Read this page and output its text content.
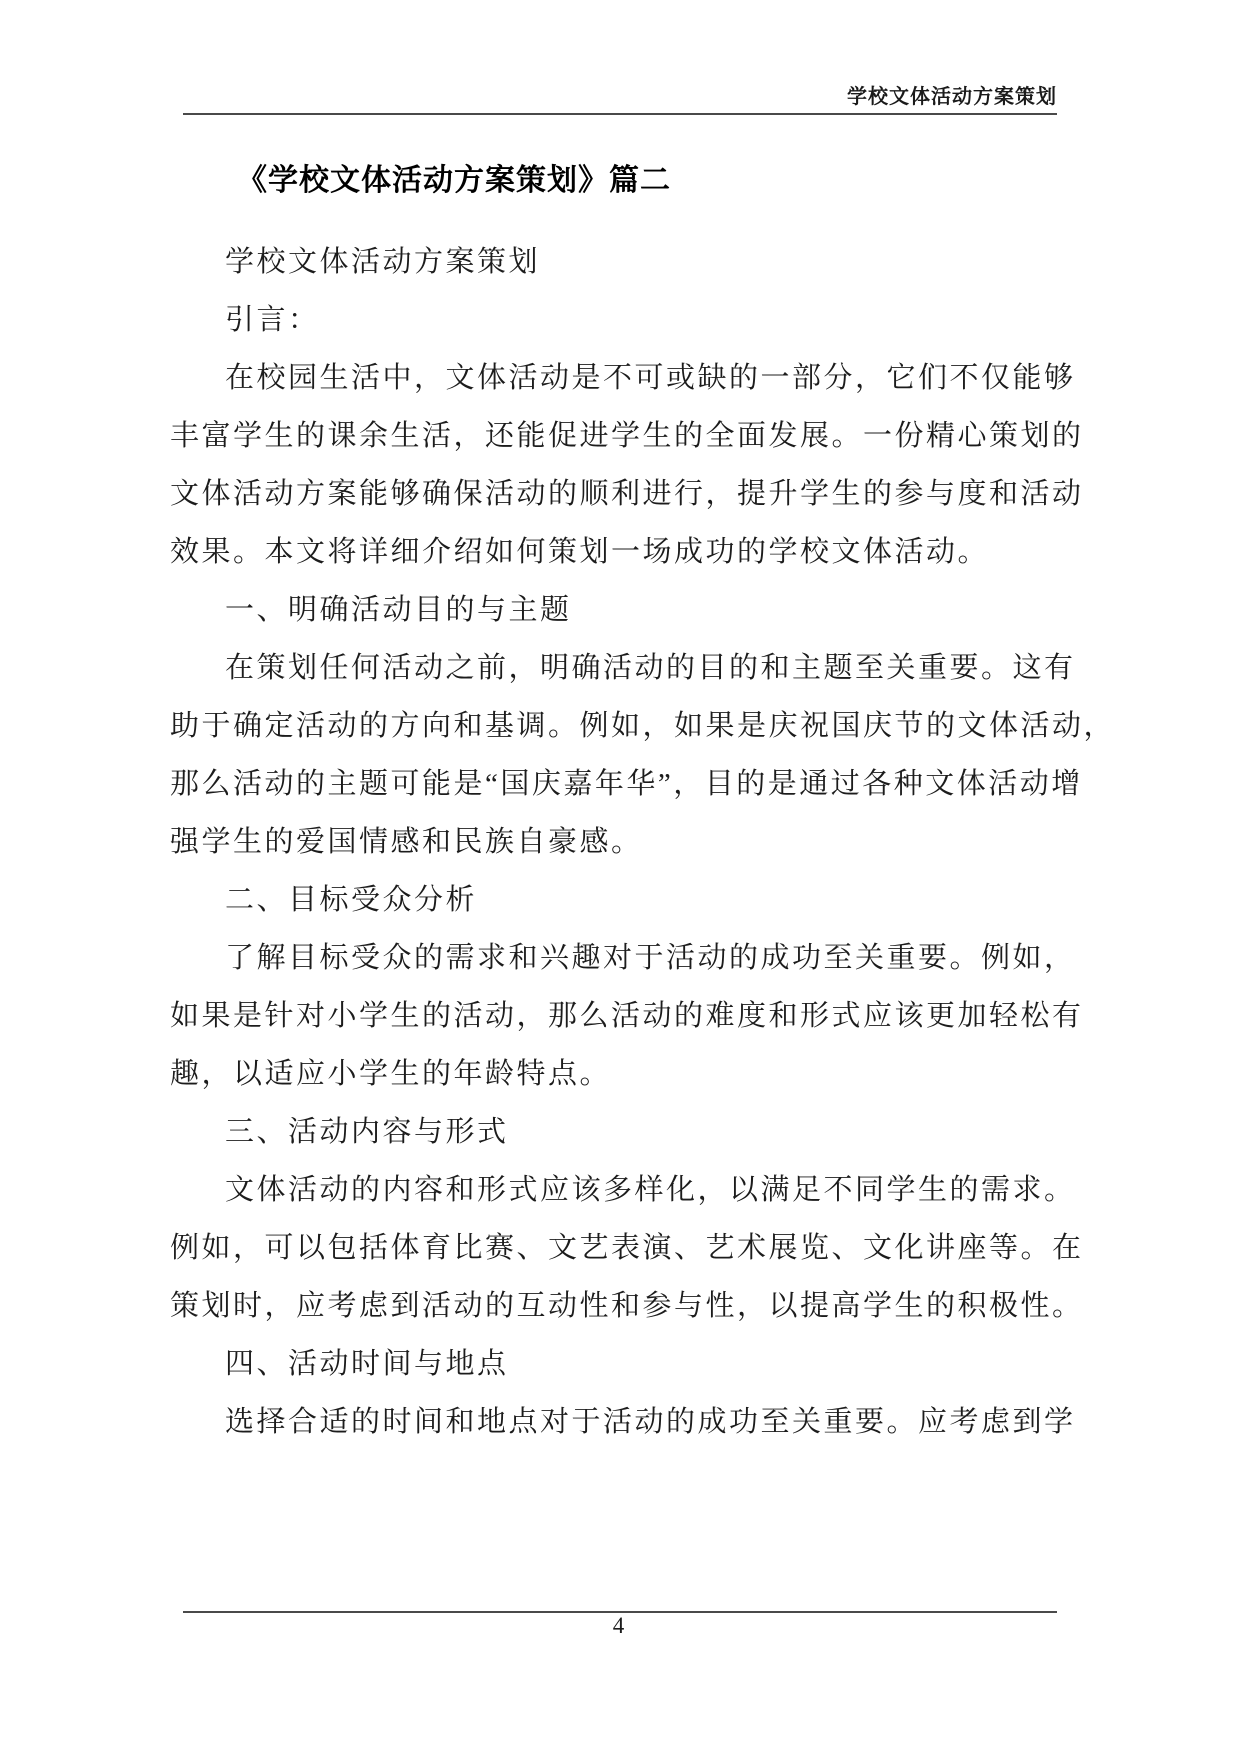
学校文体活动方案策划
《学校文体活动方案策划》篇二
学校文体活动方案策划
引言：
在校园生活中，文体活动是不可或缺的一部分，它们不仅能够
丰富学生的课余生活，还能促进学生的全面发展。一份精心策划的
文体活动方案能够确保活动的顺利进行，提升学生的参与度和活动
效果。本文将详细介绍如何策划一场成功的学校文体活动。
一、明确活动目的与主题
在策划任何活动之前，明确活动的目的和主题至关重要。这有
助于确定活动的方向和基调。例如，如果是庆祝国庆节的文体活动，
那么活动的主题可能是“国庆嘉年华”，目的是通过各种文体活动增
强学生的爱国情感和民族自豪感。
二、目标受众分析
了解目标受众的需求和兴趣对于活动的成功至关重要。例如，
如果是针对小学生的活动，那么活动的难度和形式应该更加轻松有
趣，以适应小学生的年龄特点。
三、活动内容与形式
文体活动的内容和形式应该多样化，以满足不同学生的需求。
例如，可以包括体育比赛、文艺表演、艺术展览、文化讲座等。在
策划时，应考虑到活动的互动性和参与性，以提高学生的积极性。
四、活动时间与地点
选择合适的时间和地点对于活动的成功至关重要。应考虑到学
4
